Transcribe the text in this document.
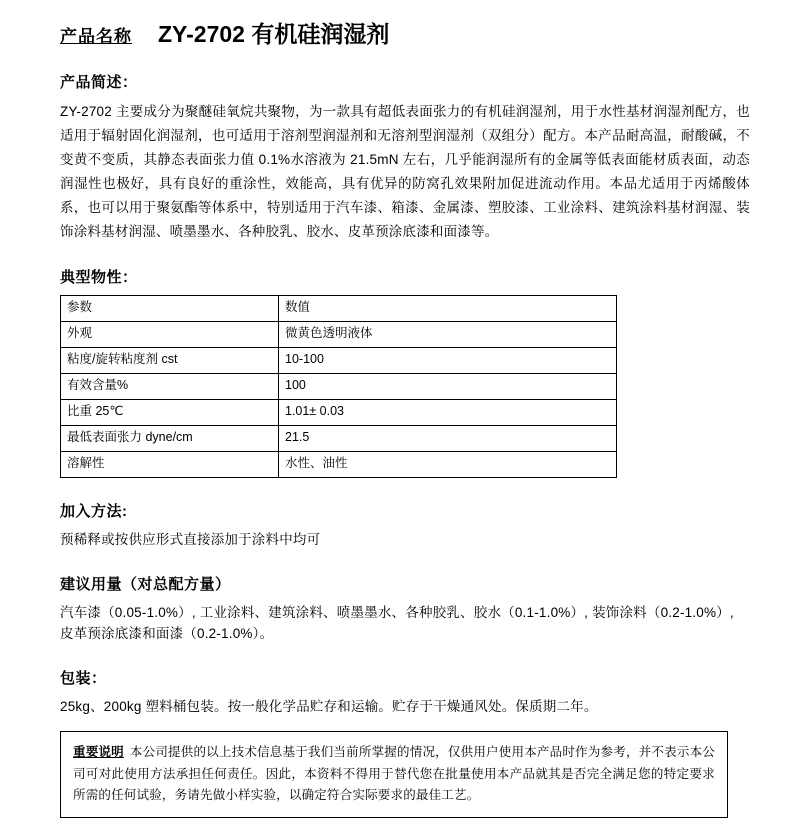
产品名称 ZY-2702 有机硅润湿剂
产品简述：
ZY-2702 主要成分为聚醚硅氧烷共聚物，为一款具有超低表面张力的有机硅润湿剂，用于水性基材润湿剂配方，也适用于辐射固化润湿剂，也可适用于溶剂型润湿剂和无溶剂型润湿剂（双组分）配方。本产品耐高温，耐酸碱，不变黄不变质，其静态表面张力值 0.1%水溶液为 21.5mN 左右，几乎能润湿所有的金属等低表面能材质表面，动态润湿性也极好，具有良好的重涂性，效能高，具有优异的防窝孔效果附加促进流动作用。本品尤适用于丙烯酸体系，也可以用于聚氨酯等体系中，特别适用于汽车漆、箱漆、金属漆、塑胶漆、工业涂料、建筑涂料基材润湿、装饰涂料基材润湿、喷墨墨水、各种胶乳、胶水、皮革预涂底漆和面漆等。
典型物性：
参数	数值
外观	微黄色透明液体
粘度/旋转粘度剂 cst	10-100
有效含量%	100
比重 25℃	1.01± 0.03
最低表面张力 dyne/cm	21.5
溶解性	水性、油性
加入方法:
预稀释或按供应形式直接添加于涂料中均可
建议用量（对总配方量）
汽车漆（0.05-1.0%）, 工业涂料、建筑涂料、喷墨墨水、各种胶乳、胶水（0.1-1.0%）, 装饰涂料（0.2-1.0%）,
皮革预涂底漆和面漆（0.2-1.0%）。
包装：
25kg、200kg 塑料桶包装。按一般化学品贮存和运输。贮存于干燥通风处。保质期二年。

重要说明 本公司提供的以上技术信息基于我们当前所掌握的情况，仅供用户使用本产品时作为参考，并不表示本公司可对此使用方法承担任何责任。因此，本资料不得用于替代您在批量使用本产品就其是否完全满足您的特定要求所需的任何试验，务请先做小样实验，以确定符合实际要求的最佳工艺。
